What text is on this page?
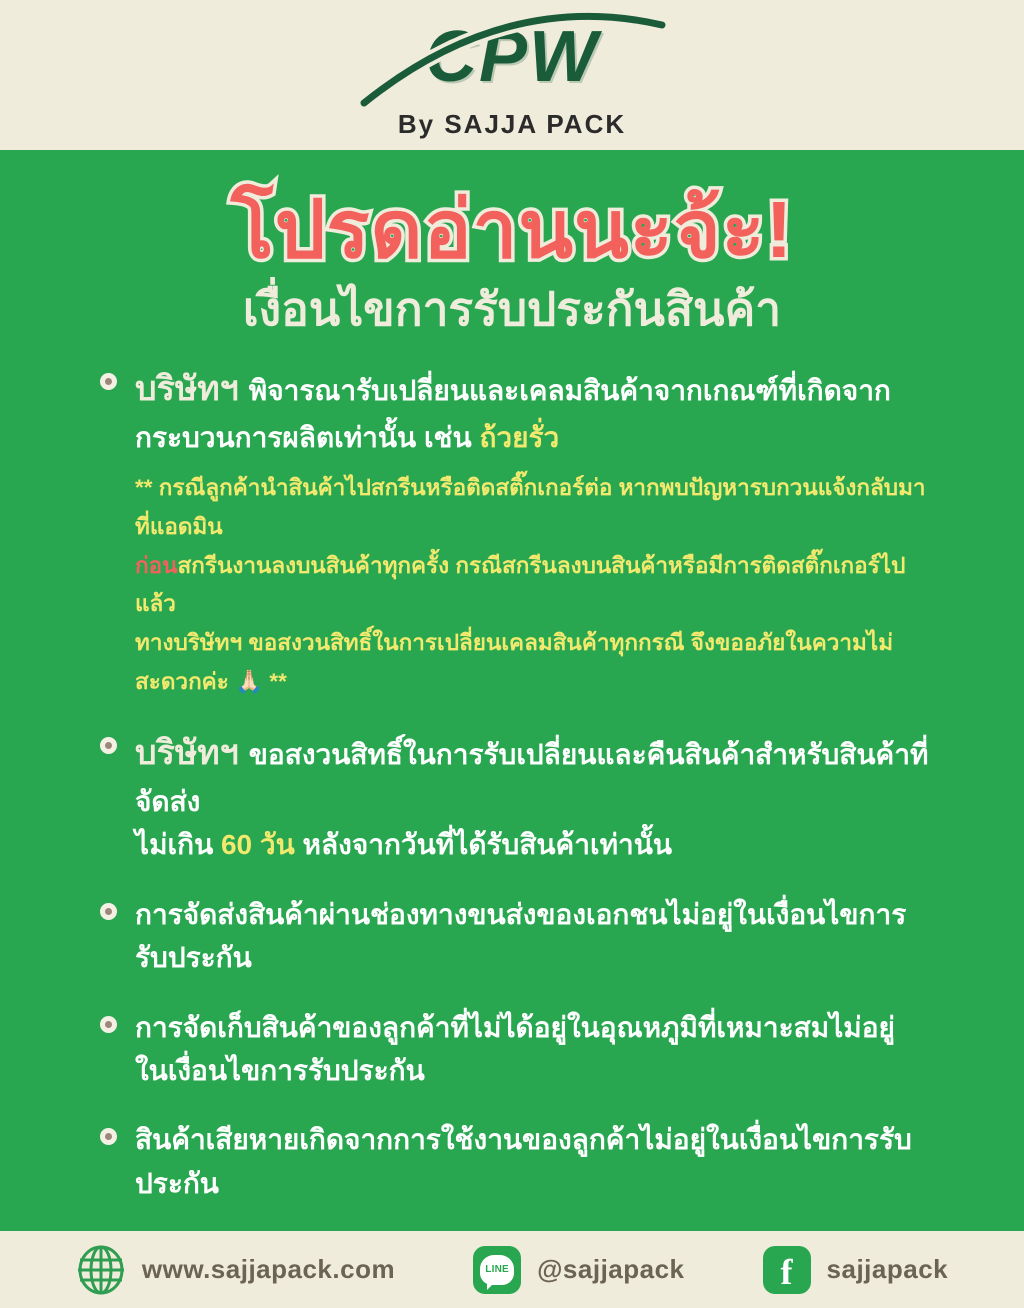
CPW
By SAJJA PACK
โปรดอ่านนะจ้ะ!
เงื่อนไขการรับประกันสินค้า
บริษัทฯ พิจารณารับเปลี่ยนและเคลมสินค้าจากเกณฑ์ที่เกิดจาก
กระบวนการผลิตเท่านั้น เช่น ถ้วยรั่ว
** กรณีลูกค้านำสินค้าไปสกรีนหรือติดสติ๊กเกอร์ต่อ หากพบปัญหารบกวนแจ้งกลับมาที่แอดมิน
ก่อนสกรีนงานลงบนสินค้าทุกครั้ง กรณีสกรีนลงบนสินค้าหรือมีการติดสติ๊กเกอร์ไปแล้ว
ทางบริษัทฯ ขอสงวนสิทธิ์ในการเปลี่ยนเคลมสินค้าทุกกรณี จึงขออภัยในความไม่สะดวกค่ะ 🙏🏻 **
บริษัทฯ ขอสงวนสิทธิ์ในการรับเปลี่ยนและคืนสินค้าสำหรับสินค้าที่จัดส่ง
ไม่เกิน 60 วัน หลังจากวันที่ได้รับสินค้าเท่านั้น
การจัดส่งสินค้าผ่านช่องทางขนส่งของเอกชนไม่อยู่ในเงื่อนไขการรับประกัน
การจัดเก็บสินค้าของลูกค้าที่ไม่ได้อยู่ในอุณหภูมิที่เหมาะสมไม่อยู่ในเงื่อนไขการรับประกัน
สินค้าเสียหายเกิดจากการใช้งานของลูกค้าไม่อยู่ในเงื่อนไขการรับประกัน
www.sajjapack.com	LINE @sajjapack	f sajjapack
